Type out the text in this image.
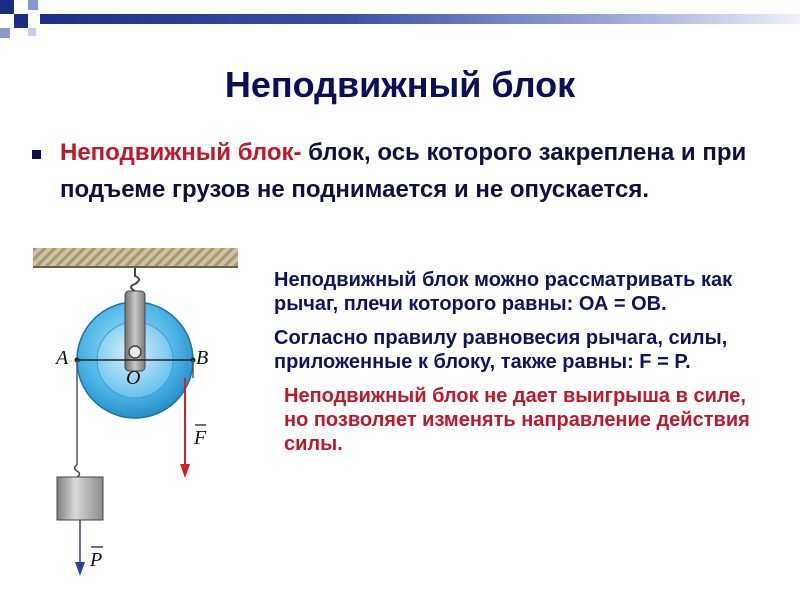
Неподвижный блок

Неподвижный блок- блок, ось которого закреплена и при подъеме грузов не поднимается и не опускается.

A	B
O
F
P

Неподвижный блок можно рассматривать как рычаг, плечи которого равны: ОА = ОВ.

Согласно правилу равновесия рычага, силы, приложенные к блоку, также равны: F = P.

Неподвижный блок не дает выигрыша в силе, но позволяет изменять направление действия силы.
